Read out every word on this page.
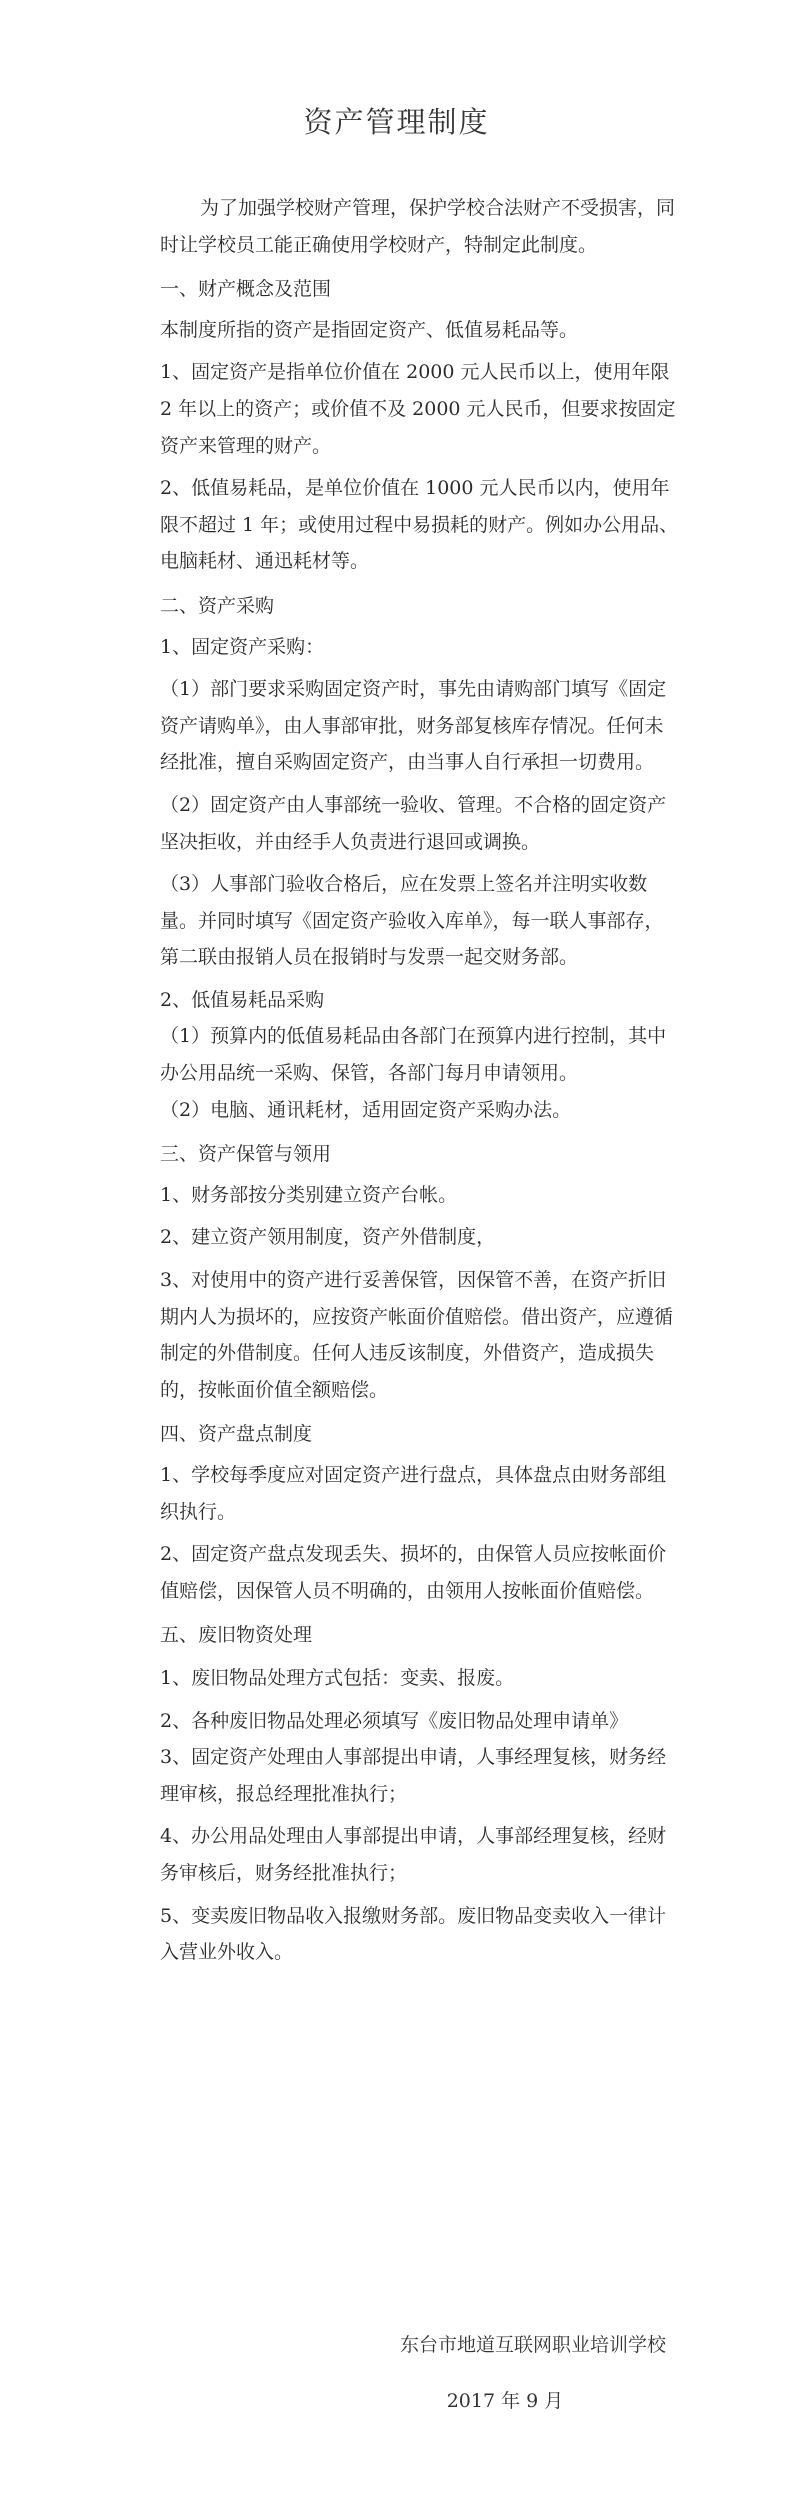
资产管理制度

为了加强学校财产管理，保护学校合法财产不受损害，同时让学校员工能正确使用学校财产，特制定此制度。

一、财产概念及范围

本制度所指的资产是指固定资产、低值易耗品等。

1、固定资产是指单位价值在 2000 元人民币以上，使用年限 2 年以上的资产；或价值不及 2000 元人民币，但要求按固定资产来管理的财产。

2、低值易耗品，是单位价值在 1000 元人民币以内，使用年限不超过 1 年；或使用过程中易损耗的财产。例如办公用品、电脑耗材、通迅耗材等。

二、资产采购

1、固定资产采购：

（1）部门要求采购固定资产时，事先由请购部门填写《固定资产请购单》，由人事部审批，财务部复核库存情况。任何未经批准，擅自采购固定资产，由当事人自行承担一切费用。

（2）固定资产由人事部统一验收、管理。不合格的固定资产坚决拒收，并由经手人负责进行退回或调换。

（3）人事部门验收合格后，应在发票上签名并注明实收数量。并同时填写《固定资产验收入库单》，每一联人事部存，第二联由报销人员在报销时与发票一起交财务部。

2、低值易耗品采购

（1）预算内的低值易耗品由各部门在预算内进行控制，其中办公用品统一采购、保管，各部门每月申请领用。

（2）电脑、通讯耗材，适用固定资产采购办法。

三、资产保管与领用

1、财务部按分类别建立资产台帐。

2、建立资产领用制度，资产外借制度，

3、对使用中的资产进行妥善保管，因保管不善，在资产折旧期内人为损坏的，应按资产帐面价值赔偿。借出资产，应遵循制定的外借制度。任何人违反该制度，外借资产，造成损失的，按帐面价值全额赔偿。

四、资产盘点制度

1、学校每季度应对固定资产进行盘点，具体盘点由财务部组织执行。

2、固定资产盘点发现丢失、损坏的，由保管人员应按帐面价值赔偿，因保管人员不明确的，由领用人按帐面价值赔偿。

五、废旧物资处理

1、废旧物品处理方式包括：变卖、报废。

2、各种废旧物品处理必须填写《废旧物品处理申请单》

3、固定资产处理由人事部提出申请，人事经理复核，财务经理审核，报总经理批准执行；

4、办公用品处理由人事部提出申请，人事部经理复核，经财务审核后，财务经批准执行；

5、变卖废旧物品收入报缴财务部。废旧物品变卖收入一律计入营业外收入。

东台市地道互联网职业培训学校
2017 年 9 月
